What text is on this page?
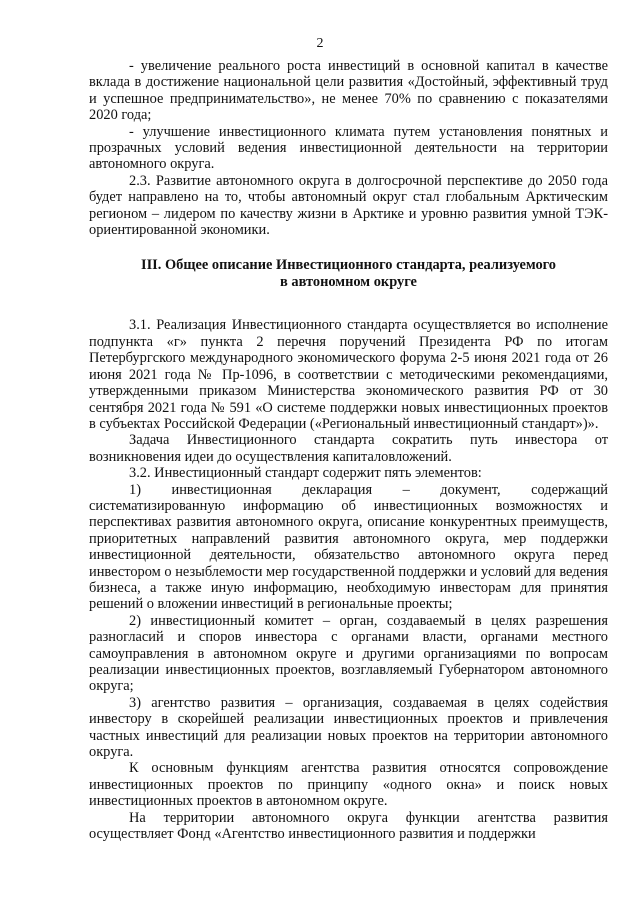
2

- увеличение реального роста инвестиций в основной капитал в качестве вклада в достижение национальной цели развития «Достойный, эффективный труд и успешное предпринимательство», не менее 70% по сравнению с показателями 2020 года;

- улучшение инвестиционного климата путем установления понятных и прозрачных условий ведения инвестиционной деятельности на территории автономного округа.

2.3. Развитие автономного округа в долгосрочной перспективе до 2050 года будет направлено на то, чтобы автономный округ стал глобальным Арктическим регионом – лидером по качеству жизни в Арктике и уровню развития умной ТЭК-ориентированной экономики.

III. Общее описание Инвестиционного стандарта, реализуемого
в автономном округе

3.1. Реализация Инвестиционного стандарта осуществляется во исполнение подпункта «г» пункта 2 перечня поручений Президента РФ по итогам Петербургского международного экономического форума 2-5 июня 2021 года от 26 июня 2021 года № Пр-1096, в соответствии с методическими рекомендациями, утвержденными приказом Министерства экономического развития РФ от 30 сентября 2021 года № 591 «О системе поддержки новых инвестиционных проектов в субъектах Российской Федерации («Региональный инвестиционный стандарт»)».

Задача Инвестиционного стандарта сократить путь инвестора от возникновения идеи до осуществления капиталовложений.

3.2. Инвестиционный стандарт содержит пять элементов:

1) инвестиционная декларация – документ, содержащий систематизированную информацию об инвестиционных возможностях и перспективах развития автономного округа, описание конкурентных преимуществ, приоритетных направлений развития автономного округа, мер поддержки инвестиционной деятельности, обязательство автономного округа перед инвестором о незыблемости мер государственной поддержки и условий для ведения бизнеса, а также иную информацию, необходимую инвесторам для принятия решений о вложении инвестиций в региональные проекты;

2) инвестиционный комитет – орган, создаваемый в целях разрешения разногласий и споров инвестора с органами власти, органами местного самоуправления в автономном округе и другими организациями по вопросам реализации инвестиционных проектов, возглавляемый Губернатором автономного округа;

3) агентство развития – организация, создаваемая в целях содействия инвестору в скорейшей реализации инвестиционных проектов и привлечения частных инвестиций для реализации новых проектов на территории автономного округа.

К основным функциям агентства развития относятся сопровождение инвестиционных проектов по принципу «одного окна» и поиск новых инвестиционных проектов в автономном округе.

На территории автономного округа функции агентства развития осуществляет Фонд «Агентство инвестиционного развития и поддержки
